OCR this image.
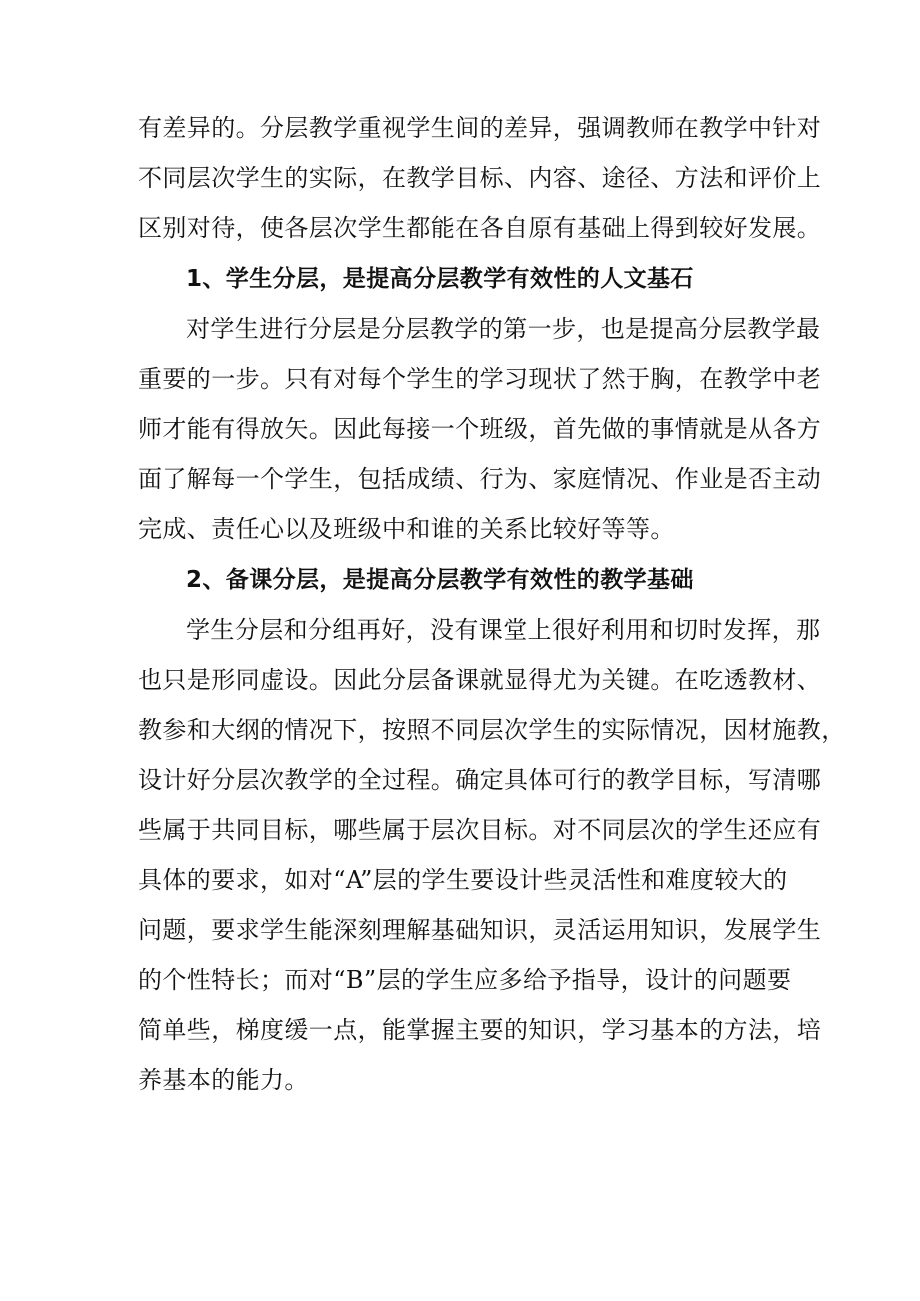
有差异的。分层教学重视学生间的差异，强调教师在教学中针对
不同层次学生的实际，在教学目标、内容、途径、方法和评价上
区别对待，使各层次学生都能在各自原有基础上得到较好发展。
1、学生分层，是提高分层教学有效性的人文基石
对学生进行分层是分层教学的第一步，也是提高分层教学最
重要的一步。只有对每个学生的学习现状了然于胸，在教学中老
师才能有得放矢。因此每接一个班级，首先做的事情就是从各方
面了解每一个学生，包括成绩、行为、家庭情况、作业是否主动
完成、责任心以及班级中和谁的关系比较好等等。
2、备课分层，是提高分层教学有效性的教学基础
学生分层和分组再好，没有课堂上很好利用和切时发挥，那
也只是形同虚设。因此分层备课就显得尤为关键。在吃透教材、
教参和大纲的情况下，按照不同层次学生的实际情况，因材施教，
设计好分层次教学的全过程。确定具体可行的教学目标，写清哪
些属于共同目标，哪些属于层次目标。对不同层次的学生还应有
具体的要求，如对“A”层的学生要设计些灵活性和难度较大的
问题，要求学生能深刻理解基础知识，灵活运用知识，发展学生
的个性特长；而对“B”层的学生应多给予指导，设计的问题要
简单些，梯度缓一点，能掌握主要的知识，学习基本的方法，培
养基本的能力。
